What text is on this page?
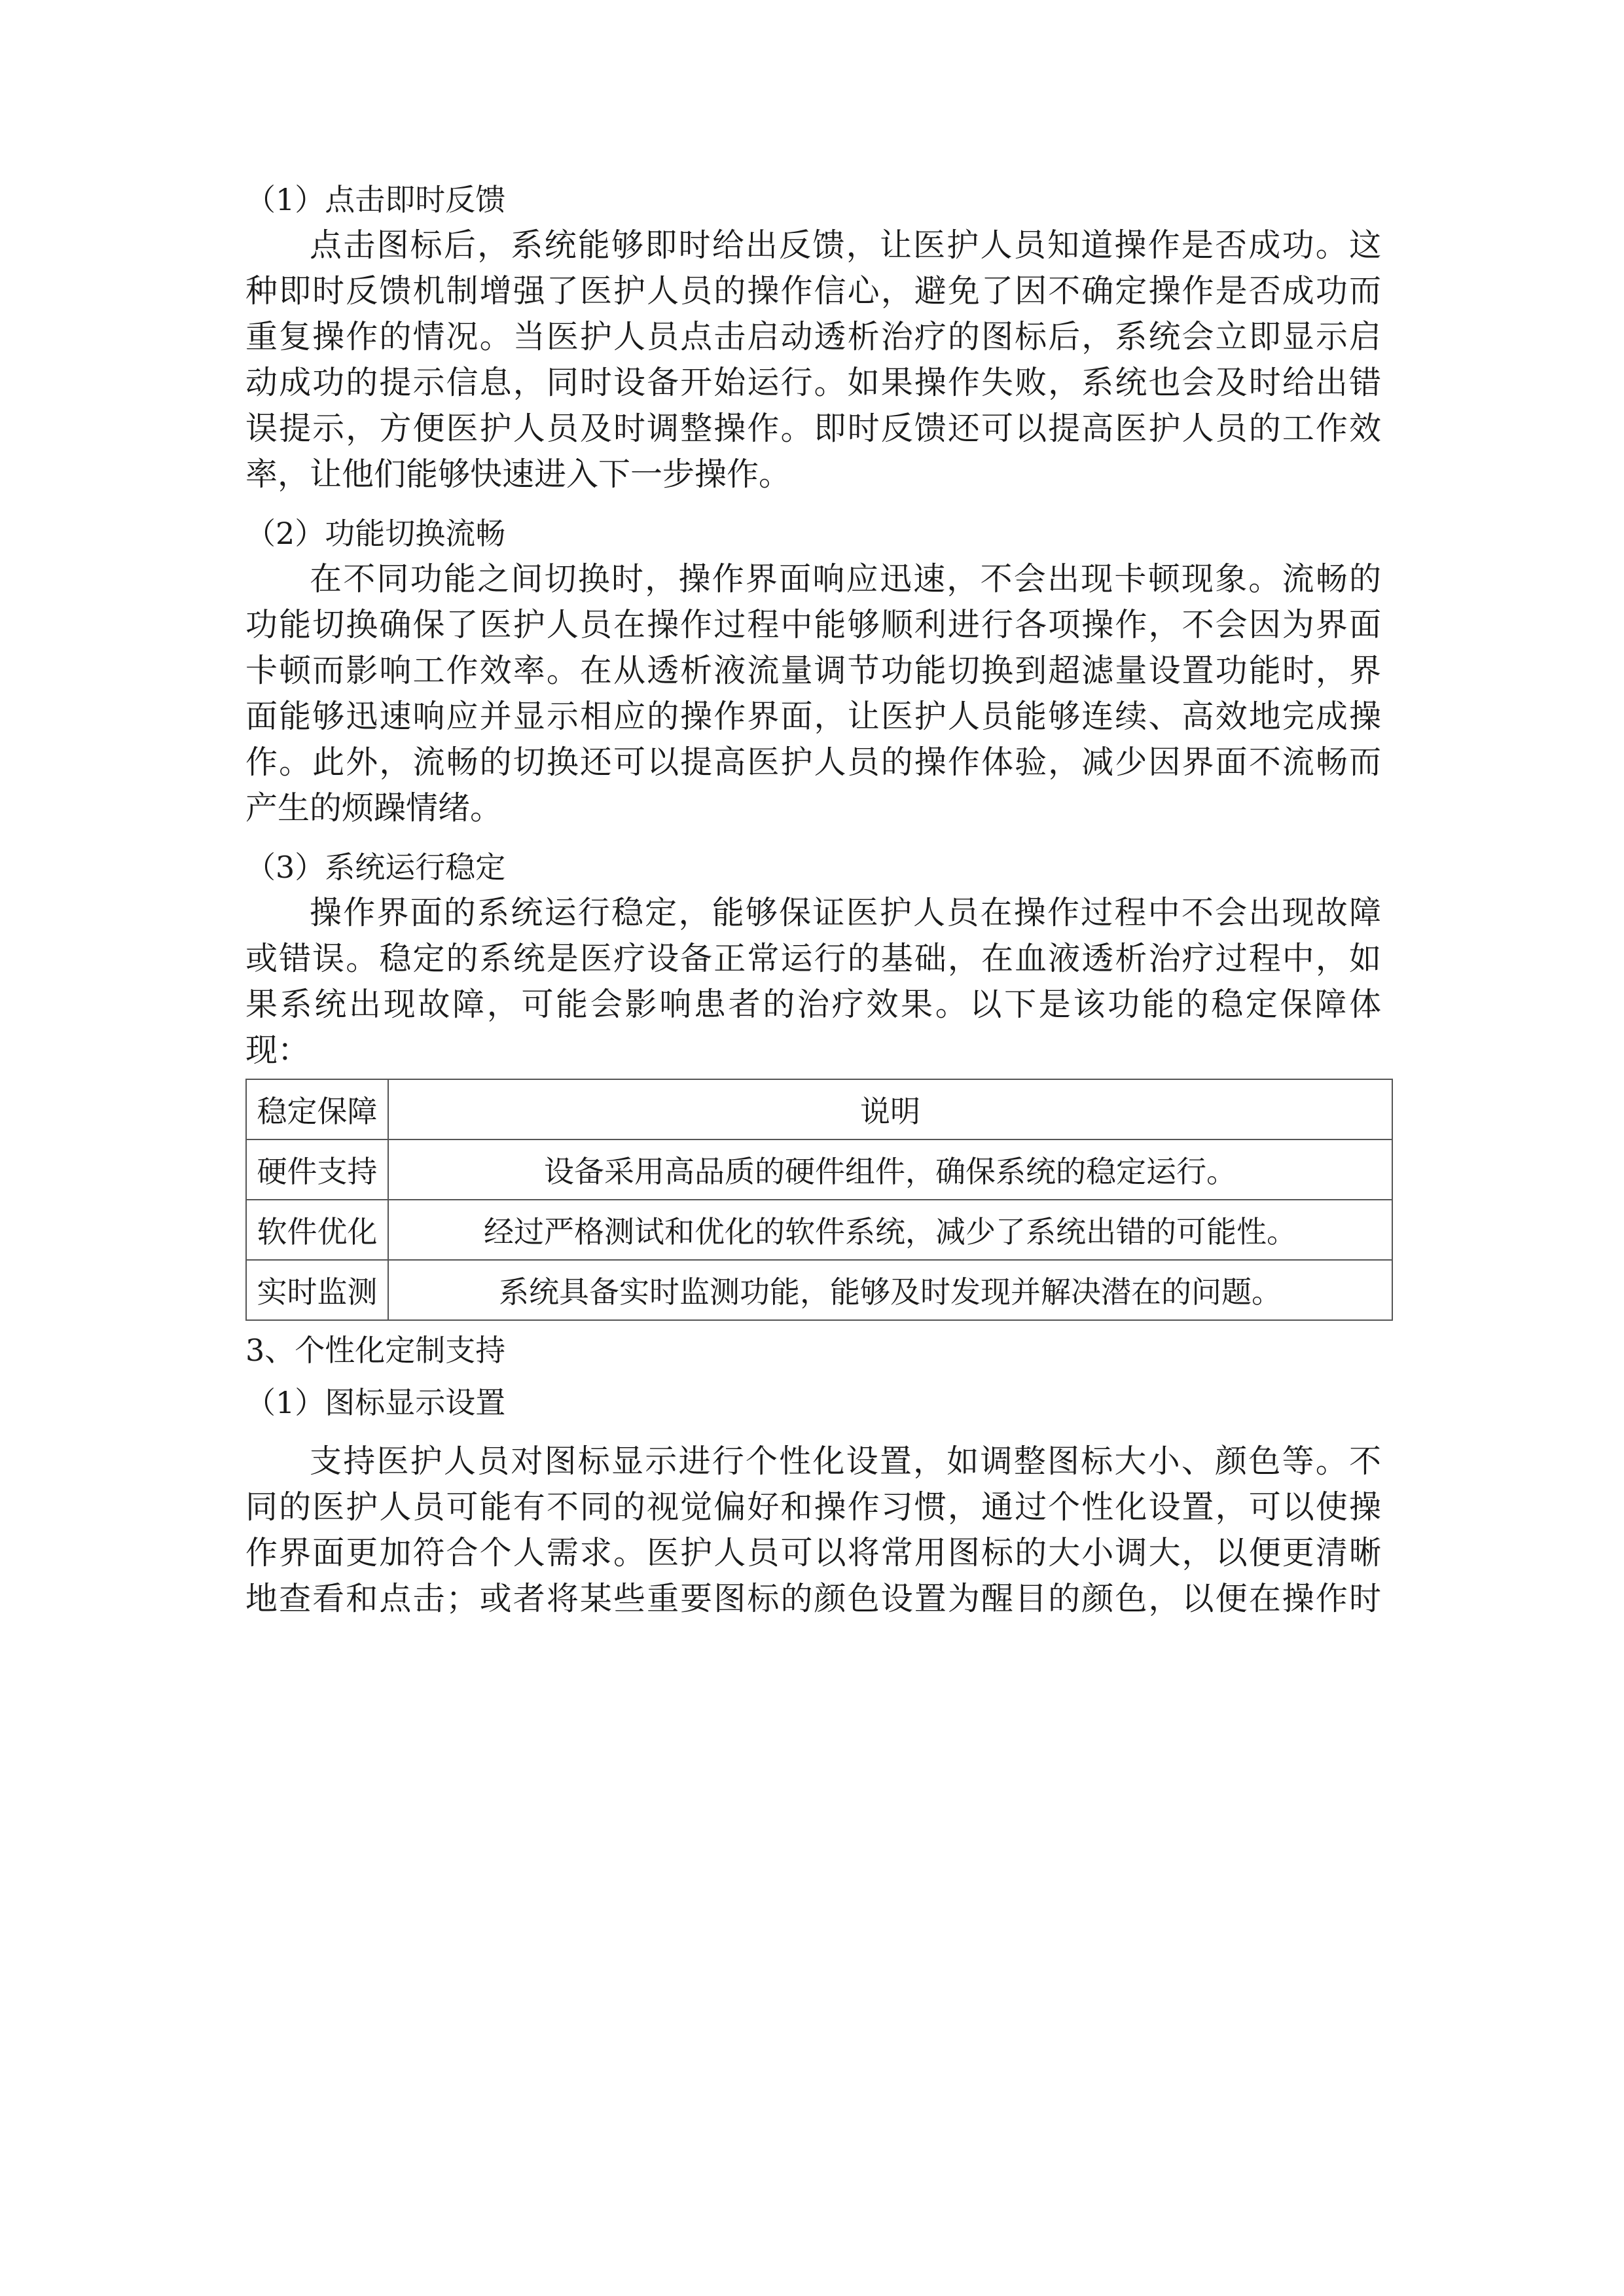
（1）点击即时反馈

点击图标后，系统能够即时给出反馈，让医护人员知道操作是否成功。这
种即时反馈机制增强了医护人员的操作信心，避免了因不确定操作是否成功而
重复操作的情况。当医护人员点击启动透析治疗的图标后，系统会立即显示启
动成功的提示信息，同时设备开始运行。如果操作失败，系统也会及时给出错
误提示，方便医护人员及时调整操作。即时反馈还可以提高医护人员的工作效
率，让他们能够快速进入下一步操作。

（2）功能切换流畅

在不同功能之间切换时，操作界面响应迅速，不会出现卡顿现象。流畅的
功能切换确保了医护人员在操作过程中能够顺利进行各项操作，不会因为界面
卡顿而影响工作效率。在从透析液流量调节功能切换到超滤量设置功能时，界
面能够迅速响应并显示相应的操作界面，让医护人员能够连续、高效地完成操
作。此外，流畅的切换还可以提高医护人员的操作体验，减少因界面不流畅而
产生的烦躁情绪。

（3）系统运行稳定

操作界面的系统运行稳定，能够保证医护人员在操作过程中不会出现故障
或错误。稳定的系统是医疗设备正常运行的基础，在血液透析治疗过程中，如
果系统出现故障，可能会影响患者的治疗效果。以下是该功能的稳定保障体
现：
稳定保障	说明
硬件支持	设备采用高品质的硬件组件，确保系统的稳定运行。
软件优化	经过严格测试和优化的软件系统，减少了系统出错的可能性。
实时监测	系统具备实时监测功能，能够及时发现并解决潜在的问题。

3、个性化定制支持

（1）图标显示设置

支持医护人员对图标显示进行个性化设置，如调整图标大小、颜色等。不
同的医护人员可能有不同的视觉偏好和操作习惯，通过个性化设置，可以使操
作界面更加符合个人需求。医护人员可以将常用图标的大小调大，以便更清晰
地查看和点击；或者将某些重要图标的颜色设置为醒目的颜色，以便在操作时
